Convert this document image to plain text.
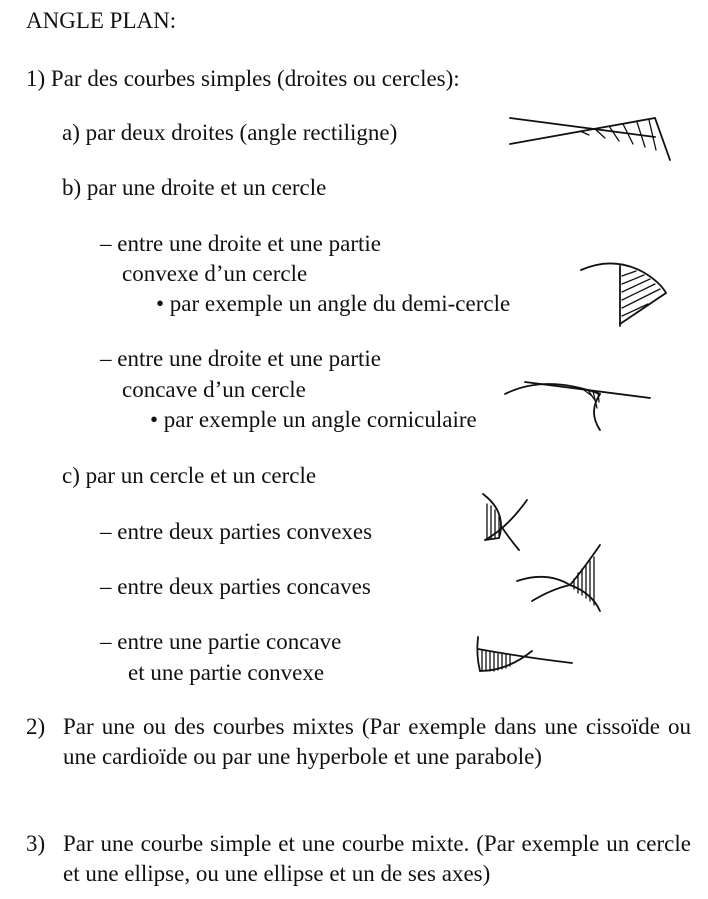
ANGLE PLAN:
1) Par des courbes simples (droites ou cercles):
a) par deux droites (angle rectiligne)
b) par une droite et un cercle
– entre une droite et une partie
convexe d’un cercle
• par exemple un angle du demi-cercle
– entre une droite et une partie
concave d’un cercle
• par exemple un angle corniculaire
c) par un cercle et un cercle
– entre deux parties convexes
– entre deux parties concaves
– entre une partie concave
et une partie convexe
2) Par une ou des courbes mixtes (Par exemple dans une cissoïde ou une cardioïde ou par une hyperbole et une parabole)
3) Par une courbe simple et une courbe mixte. (Par exemple un cercle et une ellipse, ou une ellipse et un de ses axes)
